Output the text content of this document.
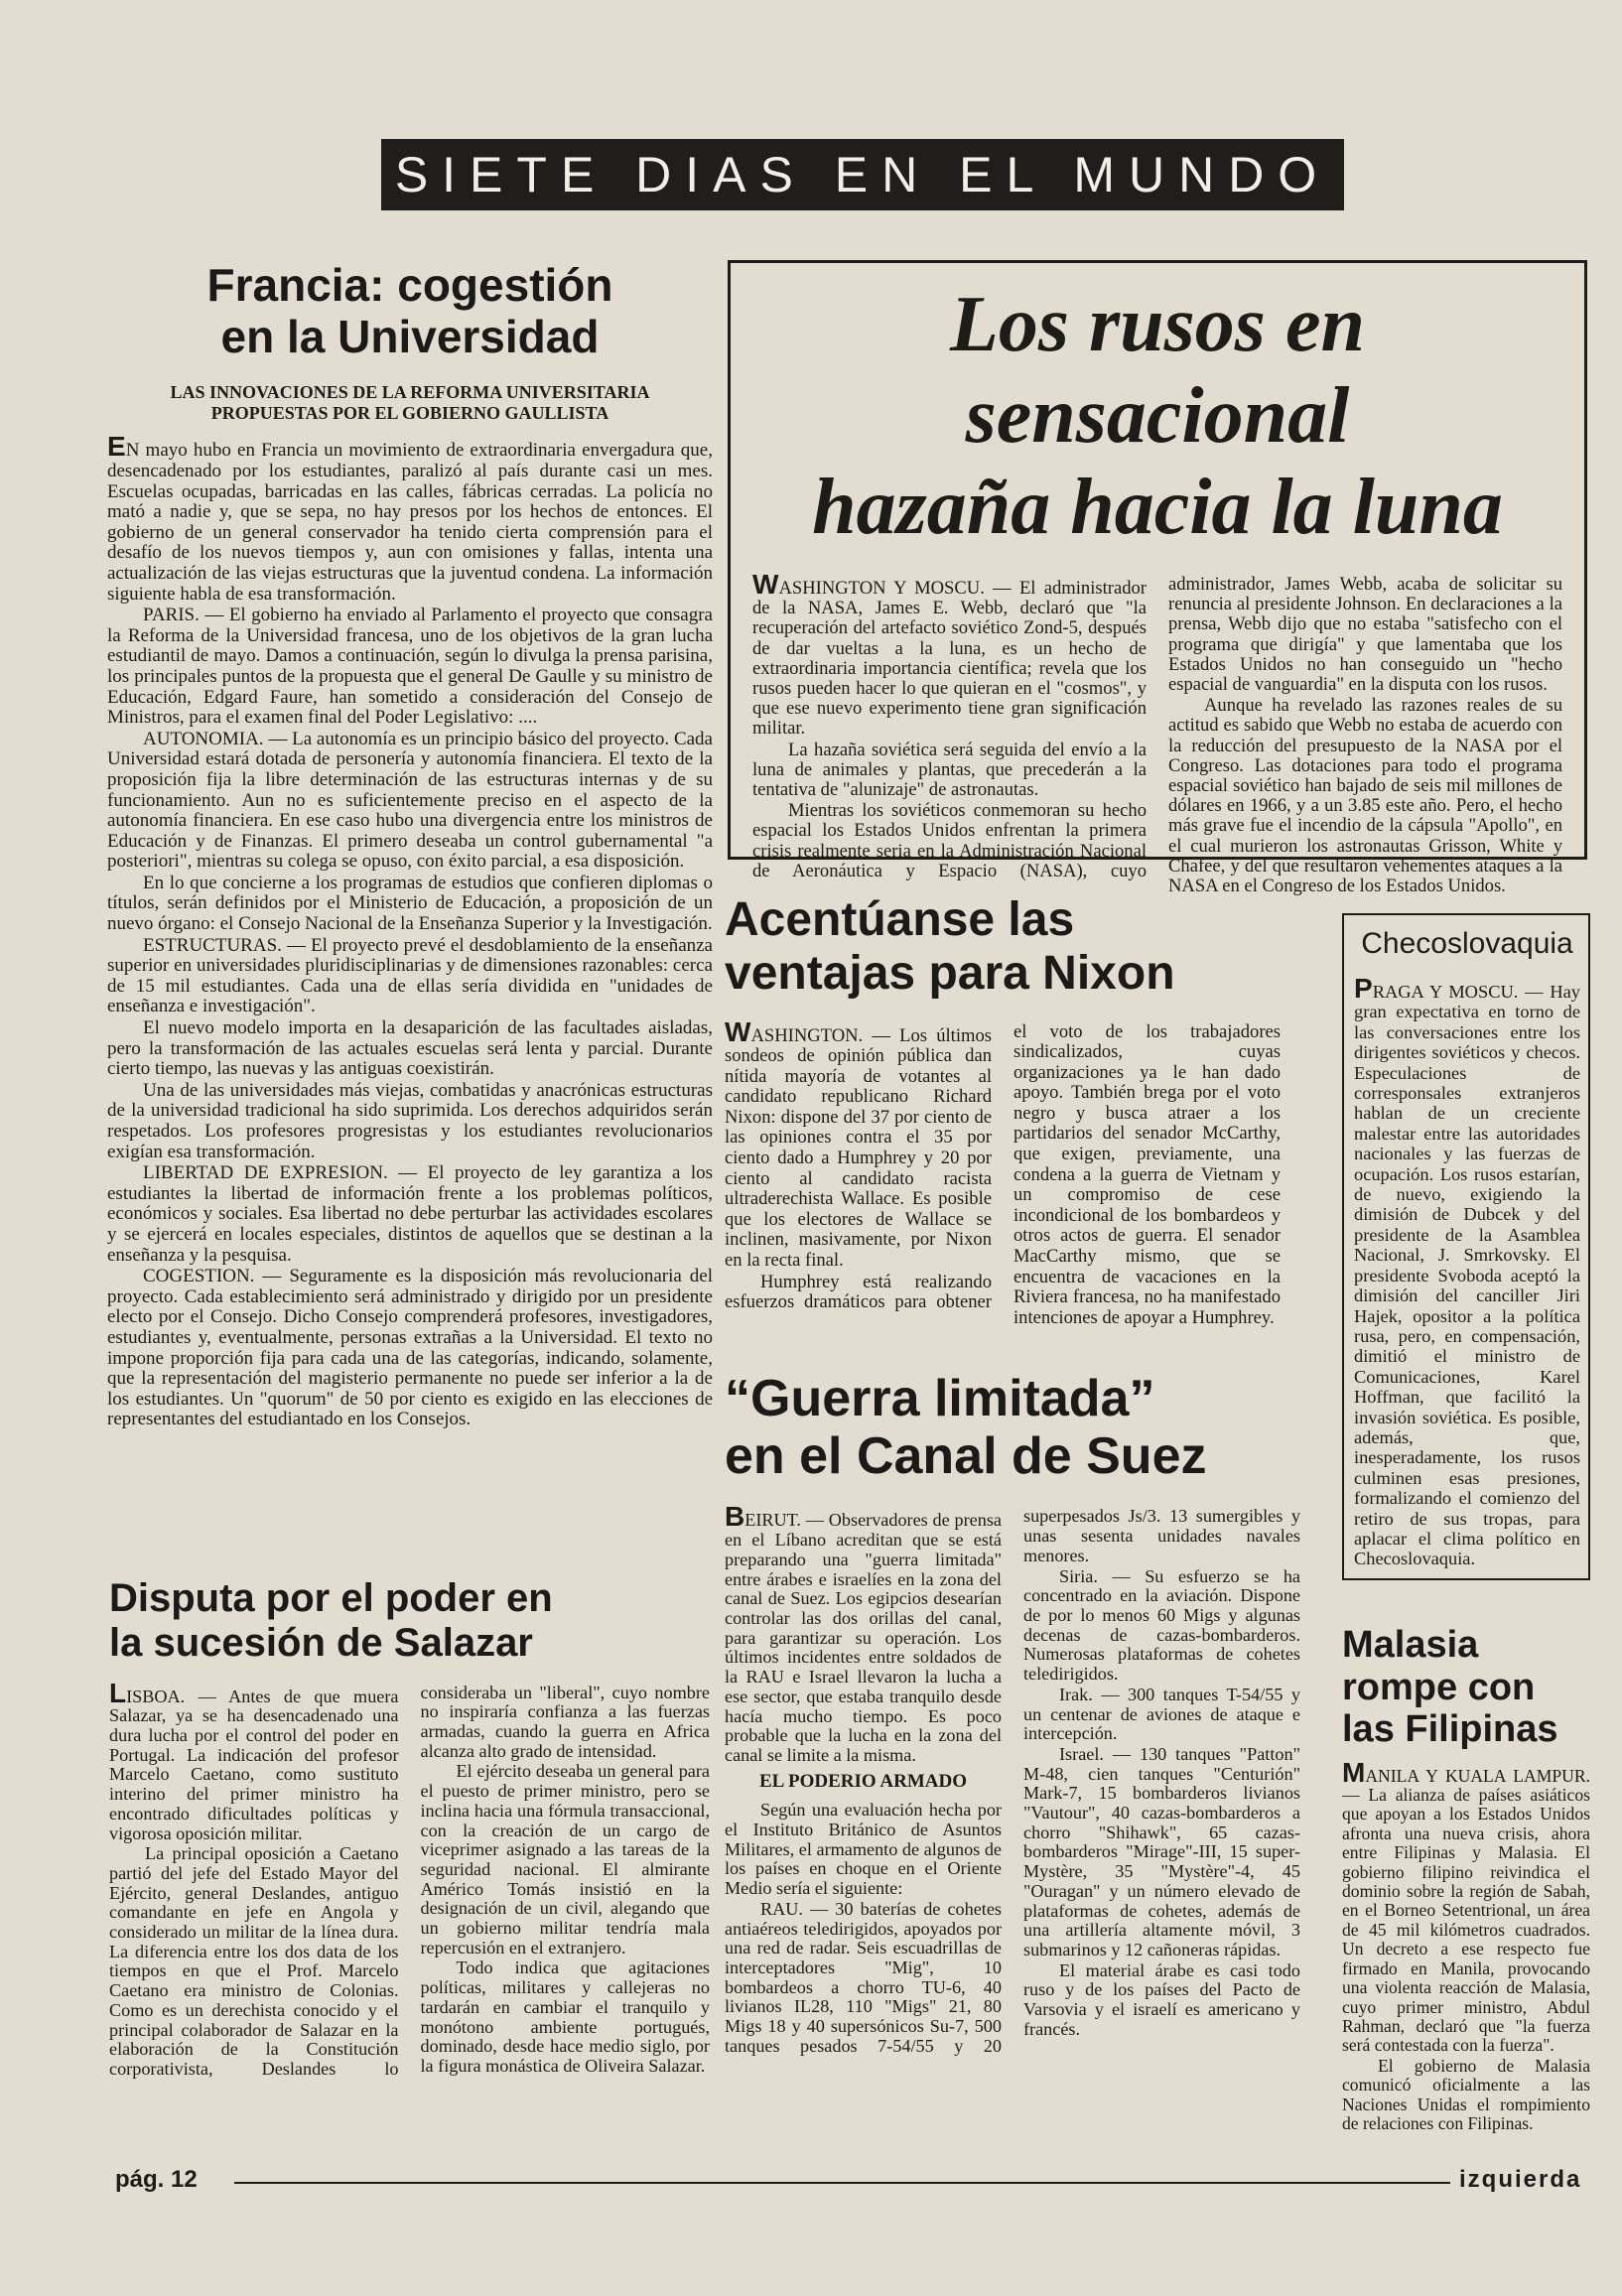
SIETE DIAS EN EL MUNDO
Francia: cogestión
en la Universidad

LAS INNOVACIONES DE LA REFORMA UNIVERSITARIA

PROPUESTAS POR EL GOBIERNO GAULLISTA

EN mayo hubo en Francia un movimiento de extraordinaria envergadura que, desencadenado por los estudiantes, paralizó al país durante casi un mes. Escuelas ocupadas, barricadas en las calles, fábricas cerradas. La policía no mató a nadie y, que se sepa, no hay presos por los hechos de entonces. El gobierno de un general conservador ha tenido cierta comprensión para el desafío de los nuevos tiempos y, aun con omisiones y fallas, intenta una actualización de las viejas estructuras que la juventud condena. La información siguiente habla de esa transformación.

PARIS. — El gobierno ha enviado al Parlamento el proyecto que consagra la Reforma de la Universidad francesa, uno de los objetivos de la gran lucha estudiantil de mayo. Damos a continuación, según lo divulga la prensa parisina, los principales puntos de la propuesta que el general De Gaulle y su ministro de Educación, Edgard Faure, han sometido a consideración del Consejo de Ministros, para el examen final del Poder Legislativo: ....

AUTONOMIA. — La autonomía es un principio básico del proyecto. Cada Universidad estará dotada de personería y autonomía financiera. El texto de la proposición fija la libre determinación de las estructuras internas y de su funcionamiento. Aun no es suficientemente preciso en el aspecto de la autonomía financiera. En ese caso hubo una divergencia entre los ministros de Educación y de Finanzas. El primero deseaba un control gubernamental "a posteriori", mientras su colega se opuso, con éxito parcial, a esa disposición.

En lo que concierne a los programas de estudios que confieren diplomas o títulos, serán definidos por el Ministerio de Educación, a proposición de un nuevo órgano: el Consejo Nacional de la Enseñanza Superior y la Investigación.

ESTRUCTURAS. — El proyecto prevé el desdoblamiento de la enseñanza superior en universidades pluridisciplinarias y de dimensiones razonables: cerca de 15 mil estudiantes. Cada una de ellas sería dividida en "unidades de enseñanza e investigación".

El nuevo modelo importa en la desaparición de las facultades aisladas, pero la transformación de las actuales escuelas será lenta y parcial. Durante cierto tiempo, las nuevas y las antiguas coexistirán.

Una de las universidades más viejas, combatidas y anacrónicas estructuras de la universidad tradicional ha sido suprimida. Los derechos adquiridos serán respetados. Los profesores progresistas y los estudiantes revolucionarios exigían esa transformación.

LIBERTAD DE EXPRESION. — El proyecto de ley garantiza a los estudiantes la libertad de información frente a los problemas políticos, económicos y sociales. Esa libertad no debe perturbar las actividades escolares y se ejercerá en locales especiales, distintos de aquellos que se destinan a la enseñanza y la pesquisa.

COGESTION. — Seguramente es la disposición más revolucionaria del proyecto. Cada establecimiento será administrado y dirigido por un presidente electo por el Consejo. Dicho Consejo comprenderá profesores, investigadores, estudiantes y, eventualmente, personas extrañas a la Universidad. El texto no impone proporción fija para cada una de las categorías, indicando, solamente, que la representación del magisterio permanente no puede ser inferior a la de los estudiantes. Un "quorum" de 50 por ciento es exigido en las elecciones de representantes del estudiantado en los Consejos.

Los rusos en sensacional
hazaña hacia la luna

WASHINGTON Y MOSCU. — El administrador de la NASA, James E. Webb, declaró que "la recuperación del artefacto soviético Zond-5, después de dar vueltas a la luna, es un hecho de extraordinaria importancia científica; revela que los rusos pueden hacer lo que quieran en el "cosmos", y que ese nuevo experimento tiene gran significación militar.

La hazaña soviética será seguida del envío a la luna de animales y plantas, que precederán a la tentativa de "alunizaje" de astronautas.

Mientras los soviéticos conmemoran su hecho espacial los Estados Unidos enfrentan la primera crisis realmente seria en la Administración Nacional de Aeronáutica y Espacio (NASA), cuyo administrador, James Webb, acaba de solicitar su renuncia al presidente Johnson. En declaraciones a la prensa, Webb dijo que no estaba "satisfecho con el programa que dirigía" y que lamentaba que los Estados Unidos no han conseguido un "hecho espacial de vanguardia" en la disputa con los rusos.

Aunque ha revelado las razones reales de su actitud es sabido que Webb no estaba de acuerdo con la reducción del presupuesto de la NASA por el Congreso. Las dotaciones para todo el programa espacial soviético han bajado de seis mil millones de dólares en 1966, y a un 3.85 este año. Pero, el hecho más grave fue el incendio de la cápsula "Apollo", en el cual murieron los astronautas Grisson, White y Chafee, y del que resultaron vehementes ataques a la NASA en el Congreso de los Estados Unidos.

Acentúanse las
ventajas para Nixon

WASHINGTON. — Los últimos sondeos de opinión pública dan nítida mayoría de votantes al candidato republicano Richard Nixon: dispone del 37 por ciento de las opiniones contra el 35 por ciento dado a Humphrey y 20 por ciento al candidato racista ultraderechista Wallace. Es posible que los electores de Wallace se inclinen, masivamente, por Nixon en la recta final.

Humphrey está realizando esfuerzos dramáticos para obtener el voto de los trabajadores sindicalizados, cuyas organizaciones ya le han dado apoyo. También brega por el voto negro y busca atraer a los partidarios del senador McCarthy, que exigen, previamente, una condena a la guerra de Vietnam y un compromiso de cese incondicional de los bombardeos y otros actos de guerra. El senador MacCarthy mismo, que se encuentra de vacaciones en la Riviera francesa, no ha manifestado intenciones de apoyar a Humphrey.

Checoslovaquia

PRAGA Y MOSCU. — Hay gran expectativa en torno de las conversaciones entre los dirigentes soviéticos y checos. Especulaciones de corresponsales extranjeros hablan de un creciente malestar entre las autoridades nacionales y las fuerzas de ocupación. Los rusos estarían, de nuevo, exigiendo la dimisión de Dubcek y del presidente de la Asamblea Nacional, J. Smrkovsky. El presidente Svoboda aceptó la dimisión del canciller Jiri Hajek, opositor a la política rusa, pero, en compensación, dimitió el ministro de Comunicaciones, Karel Hoffman, que facilitó la invasión soviética. Es posible, además, que, inesperadamente, los rusos culminen esas presiones, formalizando el comienzo del retiro de sus tropas, para aplacar el clima político en Checoslovaquia.

“Guerra limitada”
en el Canal de Suez

BEIRUT. — Observadores de prensa en el Líbano acreditan que se está preparando una "guerra limitada" entre árabes e israelíes en la zona del canal de Suez. Los egipcios desearían controlar las dos orillas del canal, para garantizar su operación. Los últimos incidentes entre soldados de la RAU e Israel llevaron la lucha a ese sector, que estaba tranquilo desde hacía mucho tiempo. Es poco probable que la lucha en la zona del canal se limite a la misma.

EL PODERIO ARMADO

Según una evaluación hecha por el Instituto Británico de Asuntos Militares, el armamento de algunos de los países en choque en el Oriente Medio sería el siguiente:

RAU. — 30 baterías de cohetes antiaéreos teledirigidos, apoyados por una red de radar. Seis escuadrillas de interceptadores "Mig", 10 bombardeos a chorro TU-6, 40 livianos IL28, 110 "Migs" 21, 80 Migs 18 y 40 supersónicos Su-7, 500 tanques pesados 7-54/55 y 20 superpesados Js/3. 13 sumergibles y unas sesenta unidades navales menores.

Siria. — Su esfuerzo se ha concentrado en la aviación. Dispone de por lo menos 60 Migs y algunas decenas de cazas-bombarderos. Numerosas plataformas de cohetes teledirigidos.

Irak. — 300 tanques T-54/55 y un centenar de aviones de ataque e intercepción.

Israel. — 130 tanques "Patton" M-48, cien tanques "Centurión" Mark-7, 15 bombarderos livianos "Vautour", 40 cazas-bombarderos a chorro "Shihawk", 65 cazas-bombarderos "Mirage"-III, 15 super-Mystère, 35 "Mystère"-4, 45 "Ouragan" y un número elevado de plataformas de cohetes, además de una artillería altamente móvil, 3 submarinos y 12 cañoneras rápidas.

El material árabe es casi todo ruso y de los países del Pacto de Varsovia y el israelí es americano y francés.

Disputa por el poder en
la sucesión de Salazar

LISBOA. — Antes de que muera Salazar, ya se ha desencadenado una dura lucha por el control del poder en Portugal. La indicación del profesor Marcelo Caetano, como sustituto interino del primer ministro ha encontrado dificultades políticas y vigorosa oposición militar.

La principal oposición a Caetano partió del jefe del Estado Mayor del Ejército, general Deslandes, antiguo comandante en jefe en Angola y considerado un militar de la línea dura. La diferencia entre los dos data de los tiempos en que el Prof. Marcelo Caetano era ministro de Colonias. Como es un derechista conocido y el principal colaborador de Salazar en la elaboración de la Constitución corporativista, Deslandes lo consideraba un "liberal", cuyo nombre no inspiraría confianza a las fuerzas armadas, cuando la guerra en Africa alcanza alto grado de intensidad.

El ejército deseaba un general para el puesto de primer ministro, pero se inclina hacia una fórmula transaccional, con la creación de un cargo de viceprimer asignado a las tareas de la seguridad nacional. El almirante Américo Tomás insistió en la designación de un civil, alegando que un gobierno militar tendría mala repercusión en el extranjero.

Todo indica que agitaciones políticas, militares y callejeras no tardarán en cambiar el tranquilo y monótono ambiente portugués, dominado, desde hace medio siglo, por la figura monástica de Oliveira Salazar.

Malasia
rompe con
las Filipinas

MANILA Y KUALA LAMPUR. — La alianza de países asiáticos que apoyan a los Estados Unidos afronta una nueva crisis, ahora entre Filipinas y Malasia. El gobierno filipino reivindica el dominio sobre la región de Sabah, en el Borneo Setentrional, un área de 45 mil kilómetros cuadrados. Un decreto a ese respecto fue firmado en Manila, provocando una violenta reacción de Malasia, cuyo primer ministro, Abdul Rahman, declaró que "la fuerza será contestada con la fuerza".

El gobierno de Malasia comunicó oficialmente a las Naciones Unidas el rompimiento de relaciones con Filipinas.

pág. 12	izquierda
